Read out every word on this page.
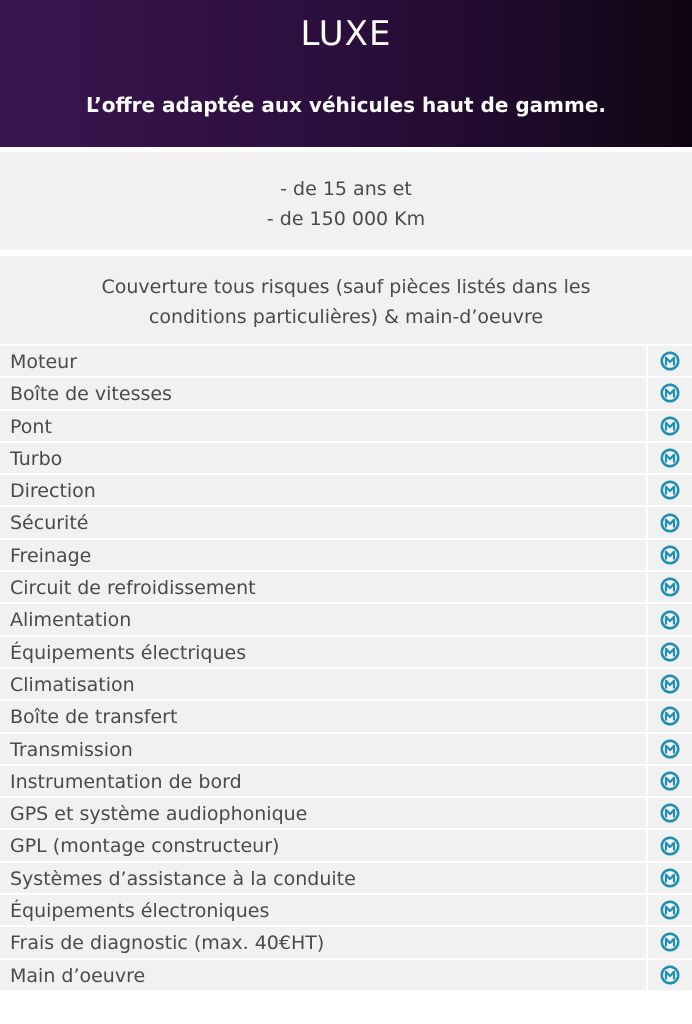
LUXE
L’offre adaptée aux véhicules haut de gamme.
- de 15 ans et
- de 150 000 Km
Couverture tous risques (sauf pièces listés dans les
conditions particulières) & main-d’oeuvre
Moteur
Boîte de vitesses
Pont
Turbo
Direction
Sécurité
Freinage
Circuit de refroidissement
Alimentation
Équipements électriques
Climatisation
Boîte de transfert
Transmission
Instrumentation de bord
GPS et système audiophonique
GPL (montage constructeur)
Systèmes d’assistance à la conduite
Équipements électroniques
Frais de diagnostic (max. 40€HT)
Main d’oeuvre
